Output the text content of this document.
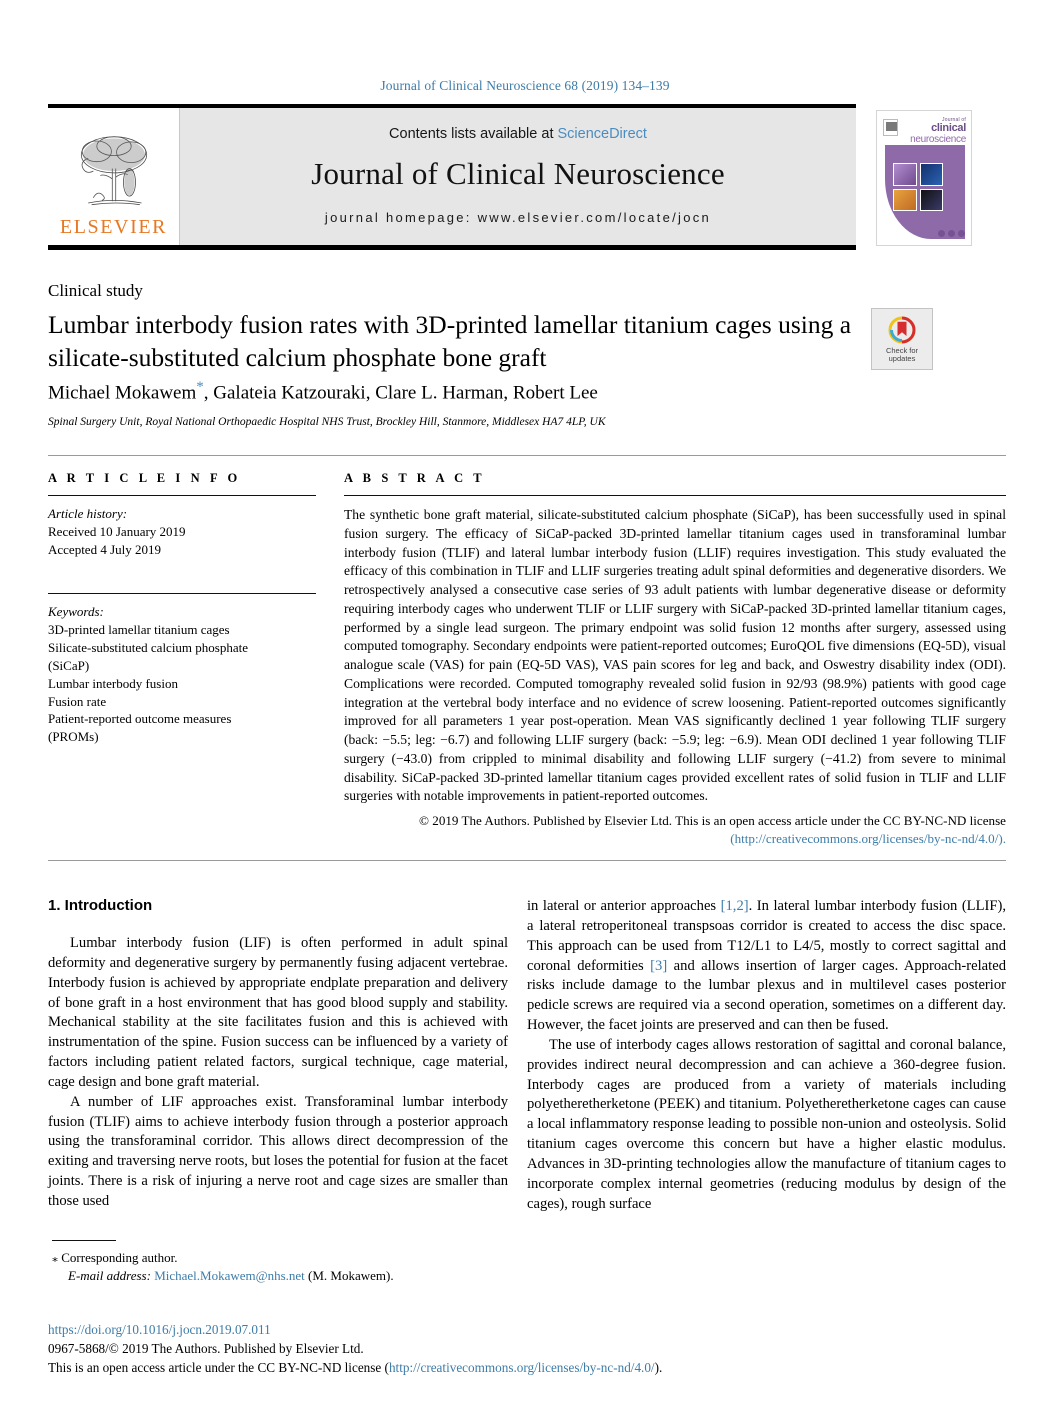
Journal of Clinical Neuroscience 68 (2019) 134–139
ELSEVIER
Contents lists available at ScienceDirect
Journal of Clinical Neuroscience
journal homepage: www.elsevier.com/locate/jocn
Journal of
clinical
neuroscience
Clinical study
Lumbar interbody fusion rates with 3D-printed lamellar titanium cages using a silicate-substituted calcium phosphate bone graft
Michael Mokawem*, Galateia Katzouraki, Clare L. Harman, Robert Lee
Spinal Surgery Unit, Royal National Orthopaedic Hospital NHS Trust, Brockley Hill, Stanmore, Middlesex HA7 4LP, UK
Check for
updates
A R T I C L E I N F O
Article history:
Received 10 January 2019
Accepted 4 July 2019
Keywords:
3D-printed lamellar titanium cages
Silicate-substituted calcium phosphate
(SiCaP)
Lumbar interbody fusion
Fusion rate
Patient-reported outcome measures
(PROMs)
A B S T R A C T
The synthetic bone graft material, silicate-substituted calcium phosphate (SiCaP), has been successfully used in spinal fusion surgery. The efficacy of SiCaP-packed 3D-printed lamellar titanium cages used in transforaminal lumbar interbody fusion (TLIF) and lateral lumbar interbody fusion (LLIF) requires investigation. This study evaluated the efficacy of this combination in TLIF and LLIF surgeries treating adult spinal deformities and degenerative disorders. We retrospectively analysed a consecutive case series of 93 adult patients with lumbar degenerative disease or deformity requiring interbody cages who underwent TLIF or LLIF surgery with SiCaP-packed 3D-printed lamellar titanium cages, performed by a single lead surgeon. The primary endpoint was solid fusion 12 months after surgery, assessed using computed tomography. Secondary endpoints were patient-reported outcomes; EuroQOL five dimensions (EQ-5D), visual analogue scale (VAS) for pain (EQ-5D VAS), VAS pain scores for leg and back, and Oswestry disability index (ODI). Complications were recorded. Computed tomography revealed solid fusion in 92/93 (98.9%) patients with good cage integration at the vertebral body interface and no evidence of screw loosening. Patient-reported outcomes significantly improved for all parameters 1 year post-operation. Mean VAS significantly declined 1 year following TLIF surgery (back: −5.5; leg: −6.7) and following LLIF surgery (back: −5.9; leg: −6.9). Mean ODI declined 1 year following TLIF surgery (−43.0) from crippled to minimal disability and following LLIF surgery (−41.2) from severe to minimal disability. SiCaP-packed 3D-printed lamellar titanium cages provided excellent rates of solid fusion in TLIF and LLIF surgeries with notable improvements in patient-reported outcomes.
© 2019 The Authors. Published by Elsevier Ltd. This is an open access article under the CC BY-NC-ND license
(http://creativecommons.org/licenses/by-nc-nd/4.0/).
1. Introduction

Lumbar interbody fusion (LIF) is often performed in adult spinal deformity and degenerative surgery by permanently fusing adjacent vertebrae. Interbody fusion is achieved by appropriate endplate preparation and delivery of bone graft in a host environment that has good blood supply and stability. Mechanical stability at the site facilitates fusion and this is achieved with instrumentation of the spine. Fusion success can be influenced by a variety of factors including patient related factors, surgical technique, cage material, cage design and bone graft material.

A number of LIF approaches exist. Transforaminal lumbar interbody fusion (TLIF) aims to achieve interbody fusion through a posterior approach using the transforaminal corridor. This allows direct decompression of the exiting and traversing nerve roots, but loses the potential for fusion at the facet joints. There is a risk of injuring a nerve root and cage sizes are smaller than those used

in lateral or anterior approaches [1,2]. In lateral lumbar interbody fusion (LLIF), a lateral retroperitoneal transpsoas corridor is created to access the disc space. This approach can be used from T12/L1 to L4/5, mostly to correct sagittal and coronal deformities [3] and allows insertion of larger cages. Approach-related risks include damage to the lumbar plexus and in multilevel cases posterior pedicle screws are required via a second operation, sometimes on a different day. However, the facet joints are preserved and can then be fused.

The use of interbody cages allows restoration of sagittal and coronal balance, provides indirect neural decompression and can achieve a 360-degree fusion. Interbody cages are produced from a variety of materials including polyetheretherketone (PEEK) and titanium. Polyetheretherketone cages can cause a local inflammatory response leading to possible non-union and osteolysis. Solid titanium cages overcome this concern but have a higher elastic modulus. Advances in 3D-printing technologies allow the manufacture of titanium cages to incorporate complex internal geometries (reducing modulus by design of the cages), rough surface

⁎ Corresponding author.
E-mail address: Michael.Mokawem@nhs.net (M. Mokawem).
https://doi.org/10.1016/j.jocn.2019.07.011
0967-5868/© 2019 The Authors. Published by Elsevier Ltd.
This is an open access article under the CC BY-NC-ND license (http://creativecommons.org/licenses/by-nc-nd/4.0/).
